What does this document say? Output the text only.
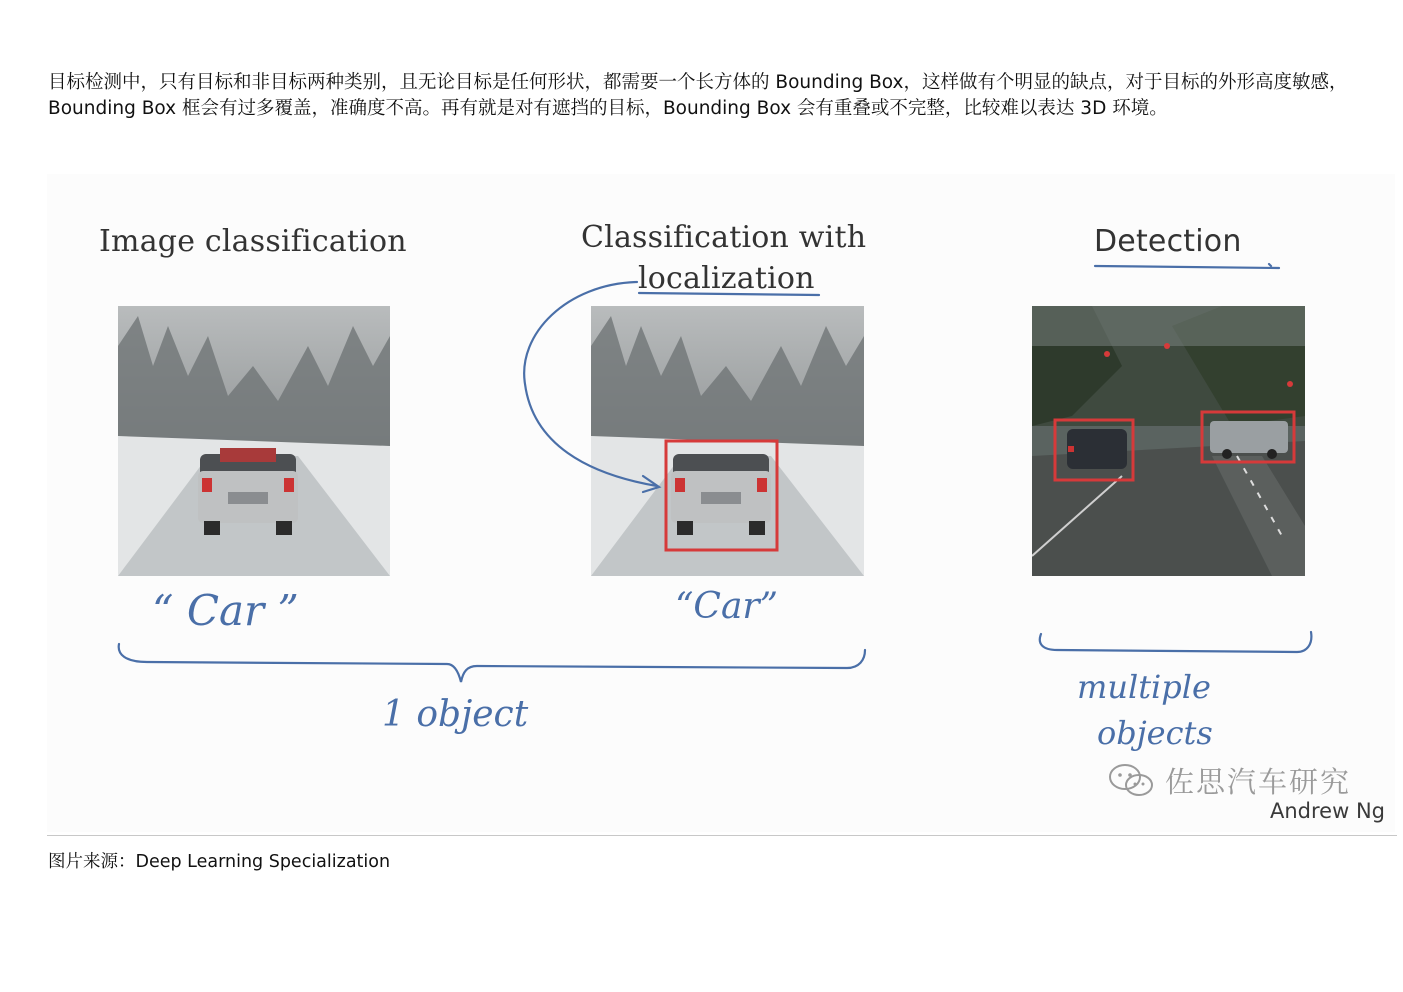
目标检测中，只有目标和非目标两种类别，且无论目标是任何形状，都需要一个长方体的 Bounding Box，这样做有个明显的缺点，对于目标的外形高度敏感，Bounding Box 框会有过多覆盖，准确度不高。再有就是对有遮挡的目标，Bounding Box 会有重叠或不完整，比较难以表达 3D 环境。
Image classification	Classification with
localization
Detection
“ Car ”	“Car”
1 object
multiple
objects
佐思汽车研究
Andrew Ng
图片来源：Deep Learning Specialization
